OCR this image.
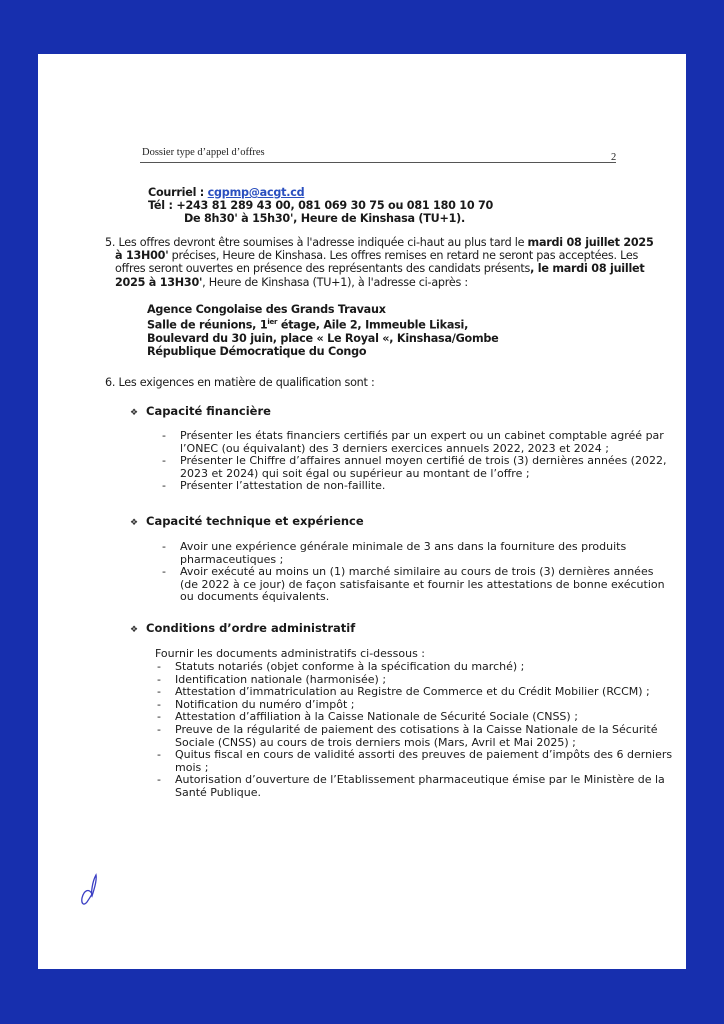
Dossier type d’appel d’offres	2
Courriel : cgpmp@acgt.cd
Tél : +243 81 289 43 00, 081 069 30 75 ou 081 180 10 70
De 8h30' à 15h30', Heure de Kinshasa (TU+1).
5. Les offres devront être soumises à l'adresse indiquée ci-haut au plus tard le mardi 08 juillet 2025
à 13H00' précises, Heure de Kinshasa. Les offres remises en retard ne seront pas acceptées. Les
offres seront ouvertes en présence des représentants des candidats présents, le mardi 08 juillet
2025 à 13H30', Heure de Kinshasa (TU+1), à l'adresse ci-après :
Agence Congolaise des Grands Travaux
Salle de réunions, $1^{ier}$ étage, Aile 2, Immeuble Likasi,
Boulevard du 30 juin, place « Le Royal «, Kinshasa/Gombe
République Démocratique du Congo
6. Les exigences en matière de qualification sont :
❖ Capacité financière
- Présenter les états financiers certifiés par un expert ou un cabinet comptable agréé par
l’ONEC (ou équivalant) des 3 derniers exercices annuels 2022, 2023 et 2024 ;
- Présenter le Chiffre d’affaires annuel moyen certifié de trois (3) dernières années (2022,
2023 et 2024) qui soit égal ou supérieur au montant de l’offre ;
- Présenter l’attestation de non-faillite.
❖ Capacité technique et expérience
- Avoir une expérience générale minimale de 3 ans dans la fourniture des produits
pharmaceutiques ;
- Avoir exécuté au moins un (1) marché similaire au cours de trois (3) dernières années
(de 2022 à ce jour) de façon satisfaisante et fournir les attestations de bonne exécution
ou documents équivalents.
❖ Conditions d’ordre administratif
Fournir les documents administratifs ci-dessous :
- Statuts notariés (objet conforme à la spécification du marché) ;
- Identification nationale (harmonisée) ;
- Attestation d’immatriculation au Registre de Commerce et du Crédit Mobilier (RCCM) ;
- Notification du numéro d’impôt ;
- Attestation d’affiliation à la Caisse Nationale de Sécurité Sociale (CNSS) ;
- Preuve de la régularité de paiement des cotisations à la Caisse Nationale de la Sécurité
Sociale (CNSS) au cours de trois derniers mois (Mars, Avril et Mai 2025) ;
- Quitus fiscal en cours de validité assorti des preuves de paiement d’impôts des 6 derniers
mois ;
- Autorisation d’ouverture de l’Etablissement pharmaceutique émise par le Ministère de la
Santé Publique.
